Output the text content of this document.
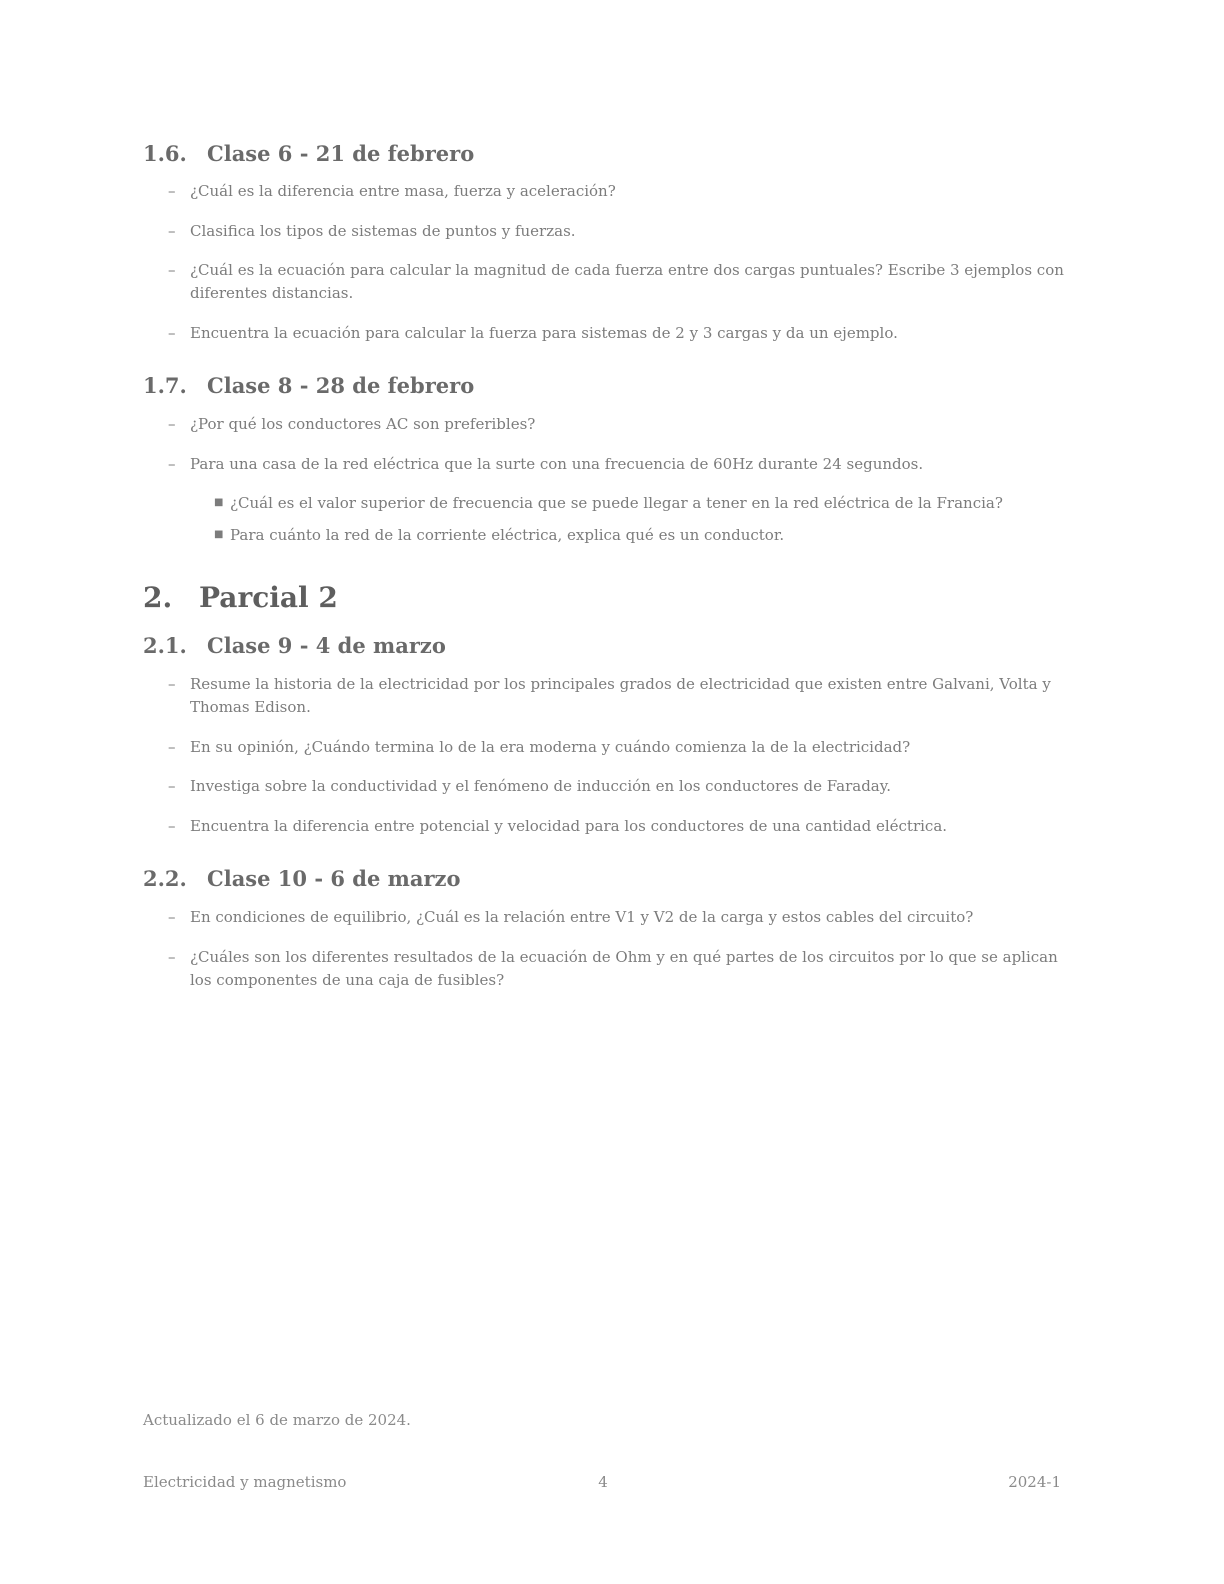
1.6. Clase 6 - 21 de febrero
– ¿Cuál es la diferencia entre masa, fuerza y aceleración?
– Clasifica los tipos de sistemas de puntos y fuerzas.
– ¿Cuál es la ecuación para calcular la magnitud de cada fuerza entre dos cargas puntuales? Escribe 3 ejemplos con diferentes distancias.
– Encuentra la ecuación para calcular la fuerza para sistemas de 2 y 3 cargas y da un ejemplo.
1.7. Clase 8 - 28 de febrero
– ¿Por qué los conductores AC son preferibles?
– Para una casa de la red eléctrica que la surte con una frecuencia de 60Hz durante 24 segundos.
■ ¿Cuál es el valor superior de frecuencia que se puede llegar a tener en la red eléctrica de la Francia?
■ Para cuánto la red de la corriente eléctrica, explica qué es un conductor.
2. Parcial 2
2.1. Clase 9 - 4 de marzo
– Resume la historia de la electricidad por los principales grados de electricidad que existen entre Galvani, Volta y Thomas Edison.
– En su opinión, ¿Cuándo termina lo de la era moderna y cuándo comienza la de la electricidad?
– Investiga sobre la conductividad y el fenómeno de inducción en los conductores de Faraday.
– Encuentra la diferencia entre potencial y velocidad para los conductores de una cantidad eléctrica.
2.2. Clase 10 - 6 de marzo
– En condiciones de equilibrio, ¿Cuál es la relación entre V1 y V2 de la carga y estos cables del circuito?
– ¿Cuáles son los diferentes resultados de la ecuación de Ohm y en qué partes de los circuitos por lo que se aplican los componentes de una caja de fusibles?
Actualizado el 6 de marzo de 2024.
Electricidad y magnetismo	4	2024-1
